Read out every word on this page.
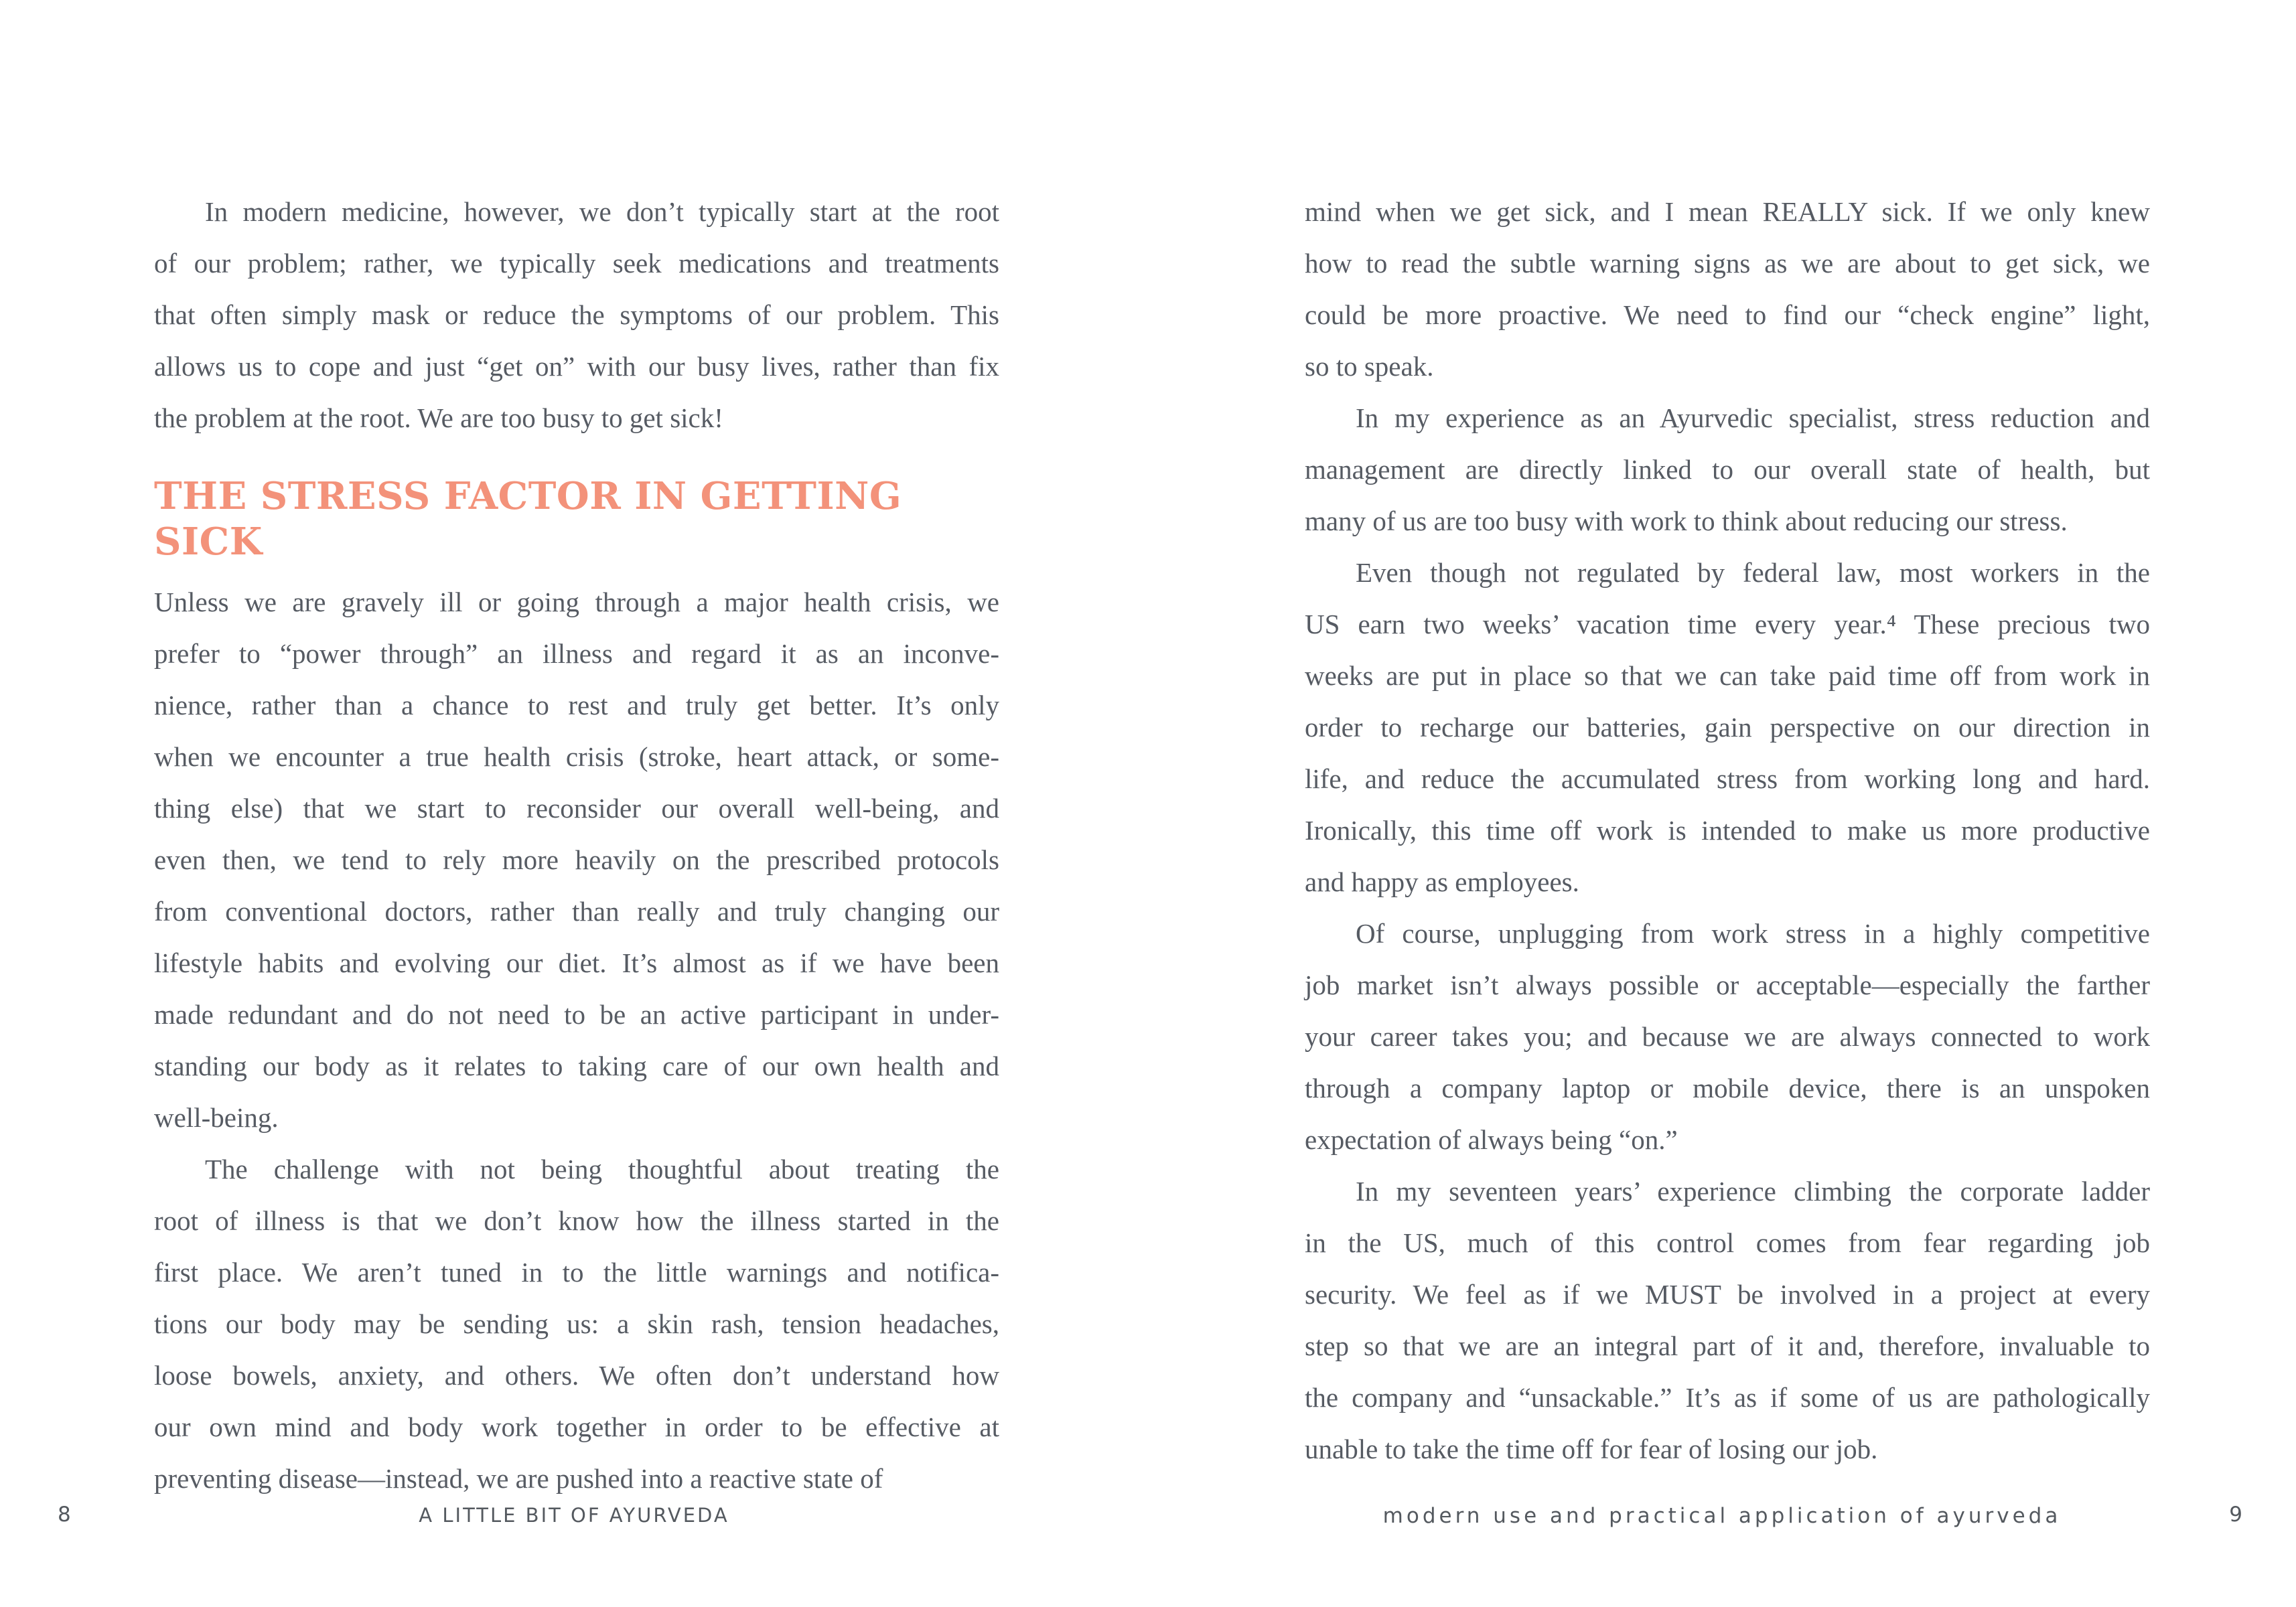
In modern medicine, however, we don’t typically start at the root
of our problem; rather, we typically seek medications and treatments
that often simply mask or reduce the symptoms of our problem. This
allows us to cope and just “get on” with our busy lives, rather than fix
the problem at the root. We are too busy to get sick!
THE STRESS FACTOR IN GETTING SICK
Unless we are gravely ill or going through a major health crisis, we
prefer to “power through” an illness and regard it as an inconve-
nience, rather than a chance to rest and truly get better. It’s only
when we encounter a true health crisis (stroke, heart attack, or some-
thing else) that we start to reconsider our overall well-being, and
even then, we tend to rely more heavily on the prescribed protocols
from conventional doctors, rather than really and truly changing our
lifestyle habits and evolving our diet. It’s almost as if we have been
made redundant and do not need to be an active participant in under-
standing our body as it relates to taking care of our own health and
well-being.
The challenge with not being thoughtful about treating the
root of illness is that we don’t know how the illness started in the
first place. We aren’t tuned in to the little warnings and notifica-
tions our body may be sending us: a skin rash, tension headaches,
loose bowels, anxiety, and others. We often don’t understand how
our own mind and body work together in order to be effective at
preventing disease—instead, we are pushed into a reactive state of
mind when we get sick, and I mean REALLY sick. If we only knew
how to read the subtle warning signs as we are about to get sick, we
could be more proactive. We need to find our “check engine” light,
so to speak.
In my experience as an Ayurvedic specialist, stress reduction and
management are directly linked to our overall state of health, but
many of us are too busy with work to think about reducing our stress.
Even though not regulated by federal law, most workers in the
US earn two weeks’ vacation time every year.⁴ These precious two
weeks are put in place so that we can take paid time off from work in
order to recharge our batteries, gain perspective on our direction in
life, and reduce the accumulated stress from working long and hard.
Ironically, this time off work is intended to make us more productive
and happy as employees.
Of course, unplugging from work stress in a highly competitive
job market isn’t always possible or acceptable—especially the farther
your career takes you; and because we are always connected to work
through a company laptop or mobile device, there is an unspoken
expectation of always being “on.”
In my seventeen years’ experience climbing the corporate ladder
in the US, much of this control comes from fear regarding job
security. We feel as if we MUST be involved in a project at every
step so that we are an integral part of it and, therefore, invaluable to
the company and “unsackable.” It’s as if some of us are pathologically
unable to take the time off for fear of losing our job.
8	A LITTLE BIT OF AYURVEDA	modern use and practical application of ayurveda	9
